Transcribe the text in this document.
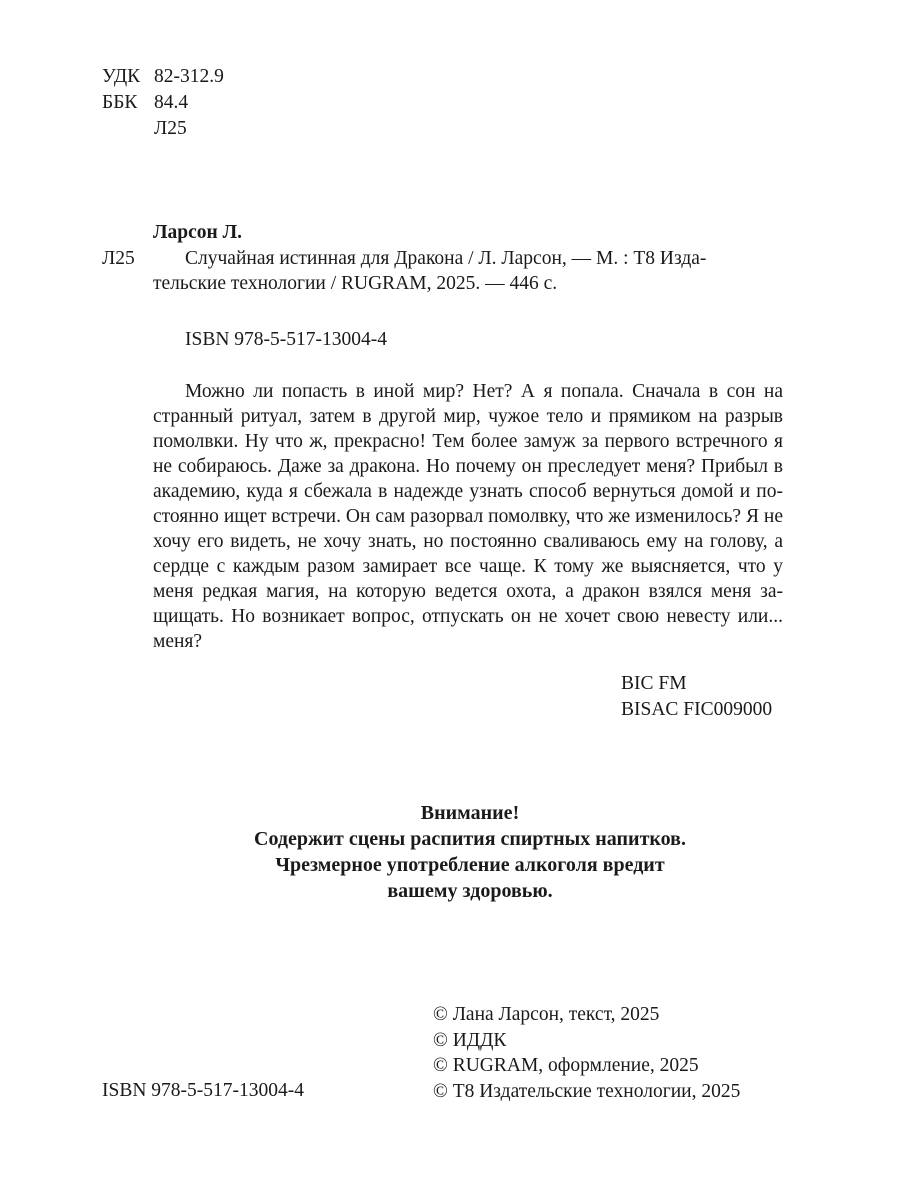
УДК 82-312.9
ББК 84.4
Л25
Ларсон Л.
Л25	Случайная истинная для Дракона / Л. Ларсон, — М. : Т8 Изда-
тельские технологии / RUGRAM, 2025. — 446 с.
ISBN 978-5-517-13004-4
Можно ли попасть в иной мир? Нет? А я попала. Сначала в сон на странный ритуал, затем в другой мир, чужое тело и прямиком на разрыв помолвки. Ну что ж, прекрасно! Тем более замуж за первого встречного я не собираюсь. Даже за дракона. Но почему он преследует меня? Прибыл в академию, куда я сбежала в надежде узнать способ вернуться домой и постоянно ищет встречи. Он сам разорвал помолвку, что же изменилось? Я не хочу его видеть, не хочу знать, но постоянно сваливаюсь ему на голову, а сердце с каждым разом замирает все чаще. К тому же выясняется, что у меня редкая магия, на которую ведется охота, а дракон взялся меня защищать. Но возникает вопрос, отпускать он не хочет свою невесту или... меня?
BIC FM
BISAC FIC009000
Внимание!
Содержит сцены распития спиртных напитков.
Чрезмерное употребление алкоголя вредит
вашему здоровью.
© Лана Ларсон, текст, 2025
© ИДДК
© RUGRAM, оформление, 2025
© Т8 Издательские технологии, 2025
ISBN 978-5-517-13004-4
